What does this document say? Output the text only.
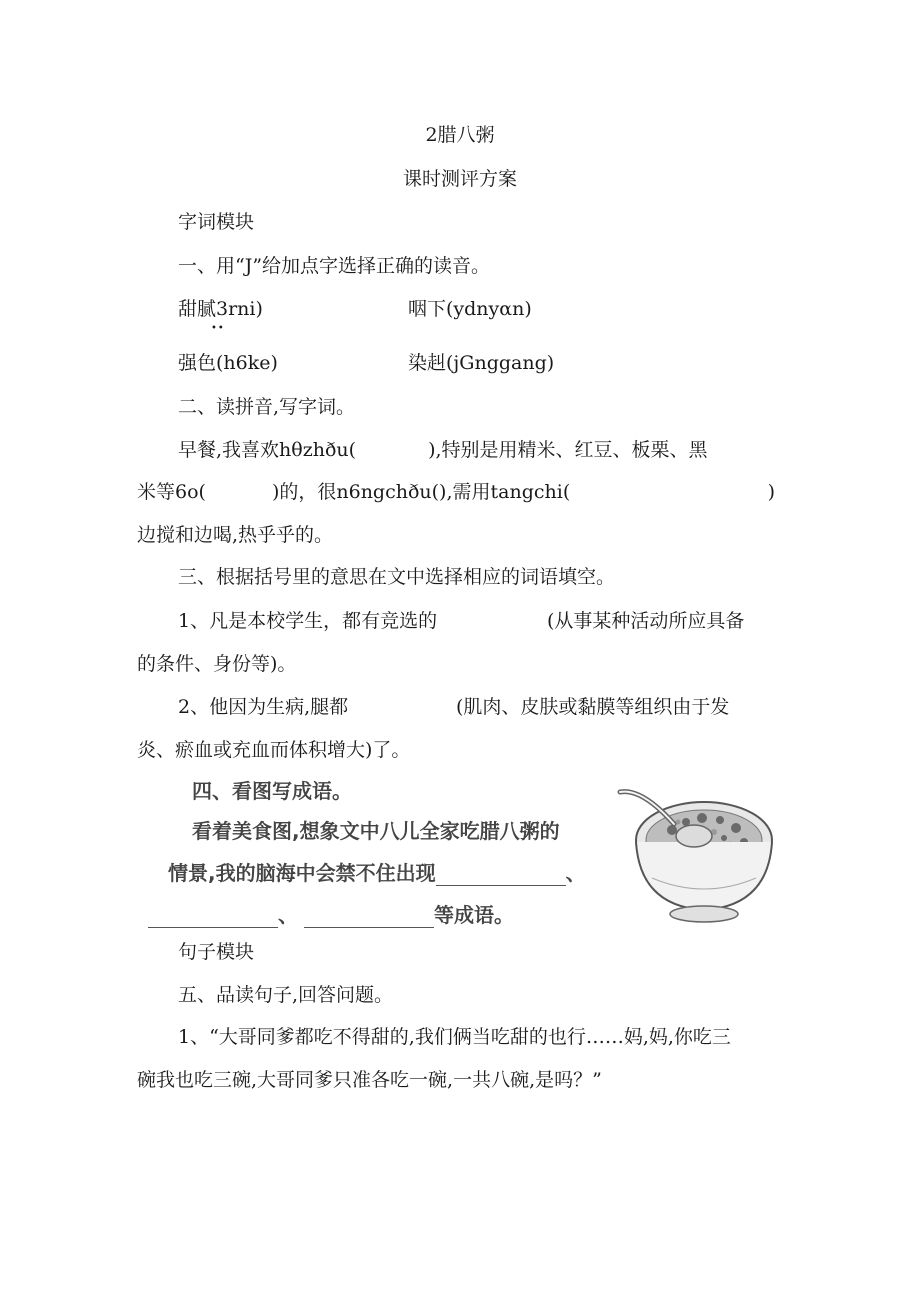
2腊八粥
课时测评方案
字词模块
一、用“J”给加点字选择正确的读音。
甜腻3rni)	咽下(ydnyαn)
••
强色(h6ke)	染赳(jGnggang)
二、读拼音,写字词。
早餐,我喜欢hθzhðu(	),特别是用精米、红豆、板栗、黑
米等6o(	)的，很n6ngchðu(),需用tangchi(	)
边搅和边喝,热乎乎的。
三、根据括号里的意思在文中选择相应的词语填空。
1、凡是本校学生，都有竞选的	(从事某种活动所应具备
的条件、身份等)。
2、他因为生病,腿都	(肌肉、皮肤或黏膜等组织由于发
炎、瘀血或充血而体积增大)了。
四、看图写成语。
看着美食图,想象文中八儿全家吃腊八粥的
情景,我的脑海中会禁不住出现	、
、	等成语。
句子模块
五、品读句子,回答问题。
1、“大哥同爹都吃不得甜的,我们俩当吃甜的也行……妈,妈,你吃三
碗我也吃三碗,大哥同爹只准各吃一碗,一共八碗,是吗？”
